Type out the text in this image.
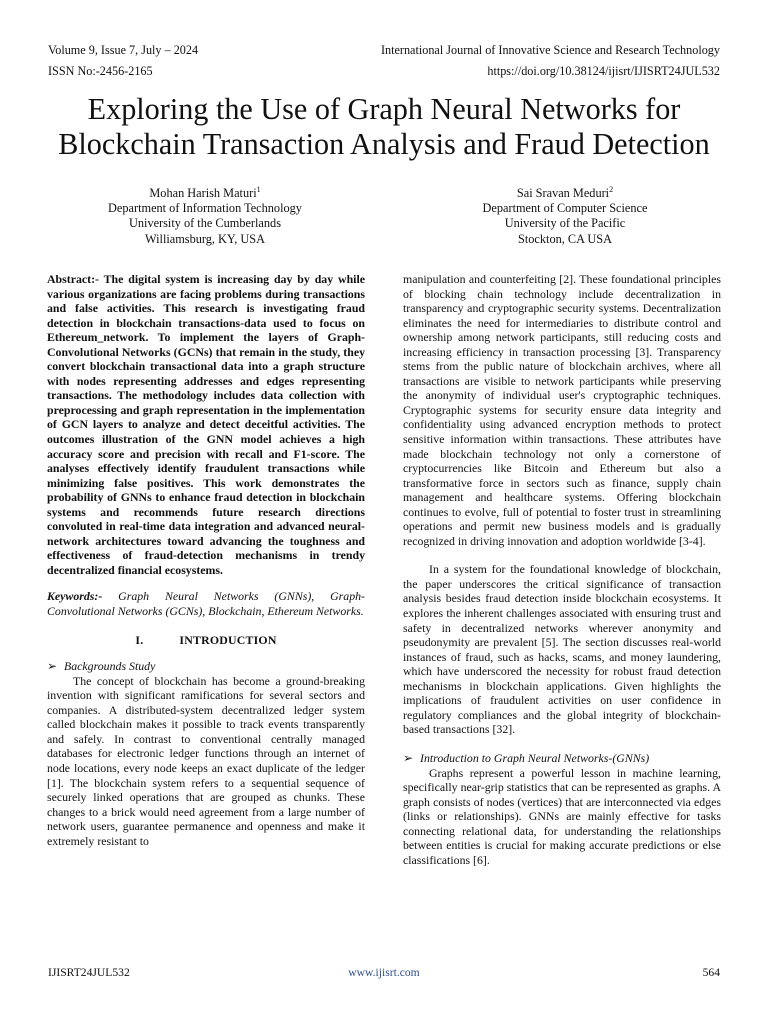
Volume 9, Issue 7, July – 2024
ISSN No:-2456-2165
International Journal of Innovative Science and Research Technology
https://doi.org/10.38124/ijisrt/IJISRT24JUL532
Exploring the Use of Graph Neural Networks for
Blockchain Transaction Analysis and Fraud Detection
Mohan Harish Maturi$^1$
Department of Information Technology
University of the Cumberlands
Williamsburg, KY, USA
Sai Sravan Meduri$^2$
Department of Computer Science
University of the Pacific
Stockton, CA USA

Abstract:- The digital system is increasing day by day while various organizations are facing problems during transactions and false activities. This research is investigating fraud detection in blockchain transactions-data used to focus on Ethereum_network. To implement the layers of Graph-Convolutional Networks (GCNs) that remain in the study, they convert blockchain transactional data into a graph structure with nodes representing addresses and edges representing transactions. The methodology includes data collection with preprocessing and graph representation in the implementation of GCN layers to analyze and detect deceitful activities. The outcomes illustration of the GNN model achieves a high accuracy score and precision with recall and F1-score. The analyses effectively identify fraudulent transactions while minimizing false positives. This work demonstrates the probability of GNNs to enhance fraud detection in blockchain systems and recommends future research directions convoluted in real-time data integration and advanced neural-network architectures toward advancing the toughness and effectiveness of fraud-detection mechanisms in trendy decentralized financial ecosystems.

Keywords:- Graph Neural Networks (GNNs), Graph-Convolutional Networks (GCNs), Blockchain, Ethereum Networks.

I.	INTRODUCTION

➢ Backgrounds Study

The concept of blockchain has become a ground-breaking invention with significant ramifications for several sectors and companies. A distributed-system decentralized ledger system called blockchain makes it possible to track events transparently and safely. In contrast to conventional centrally managed databases for electronic ledger functions through an internet of node locations, every node keeps an exact duplicate of the ledger [1]. The blockchain system refers to a sequential sequence of securely linked operations that are grouped as chunks. These changes to a brick would need agreement from a large number of network users, guarantee permanence and openness and make it extremely resistant to

manipulation and counterfeiting [2]. These foundational principles of blocking chain technology include decentralization in transparency and cryptographic security systems. Decentralization eliminates the need for intermediaries to distribute control and ownership among network participants, still reducing costs and increasing efficiency in transaction processing [3]. Transparency stems from the public nature of blockchain archives, where all transactions are visible to network participants while preserving the anonymity of individual user's cryptographic techniques. Cryptographic systems for security ensure data integrity and confidentiality using advanced encryption methods to protect sensitive information within transactions. These attributes have made blockchain technology not only a cornerstone of cryptocurrencies like Bitcoin and Ethereum but also a transformative force in sectors such as finance, supply chain management and healthcare systems. Offering blockchain continues to evolve, full of potential to foster trust in streamlining operations and permit new business models and is gradually recognized in driving innovation and adoption worldwide [3-4].

In a system for the foundational knowledge of blockchain, the paper underscores the critical significance of transaction analysis besides fraud detection inside blockchain ecosystems. It explores the inherent challenges associated with ensuring trust and safety in decentralized networks wherever anonymity and pseudonymity are prevalent [5]. The section discusses real-world instances of fraud, such as hacks, scams, and money laundering, which have underscored the necessity for robust fraud detection mechanisms in blockchain applications. Given highlights the implications of fraudulent activities on user confidence in regulatory compliances and the global integrity of blockchain-based transactions [32].

➢ Introduction to Graph Neural Networks-(GNNs)

Graphs represent a powerful lesson in machine learning, specifically near-grip statistics that can be represented as graphs. A graph consists of nodes (vertices) that are interconnected via edges (links or relationships). GNNs are mainly effective for tasks connecting relational data, for understanding the relationships between entities is crucial for making accurate predictions or else classifications [6].

IJISRT24JUL532	www.ijisrt.com	564
